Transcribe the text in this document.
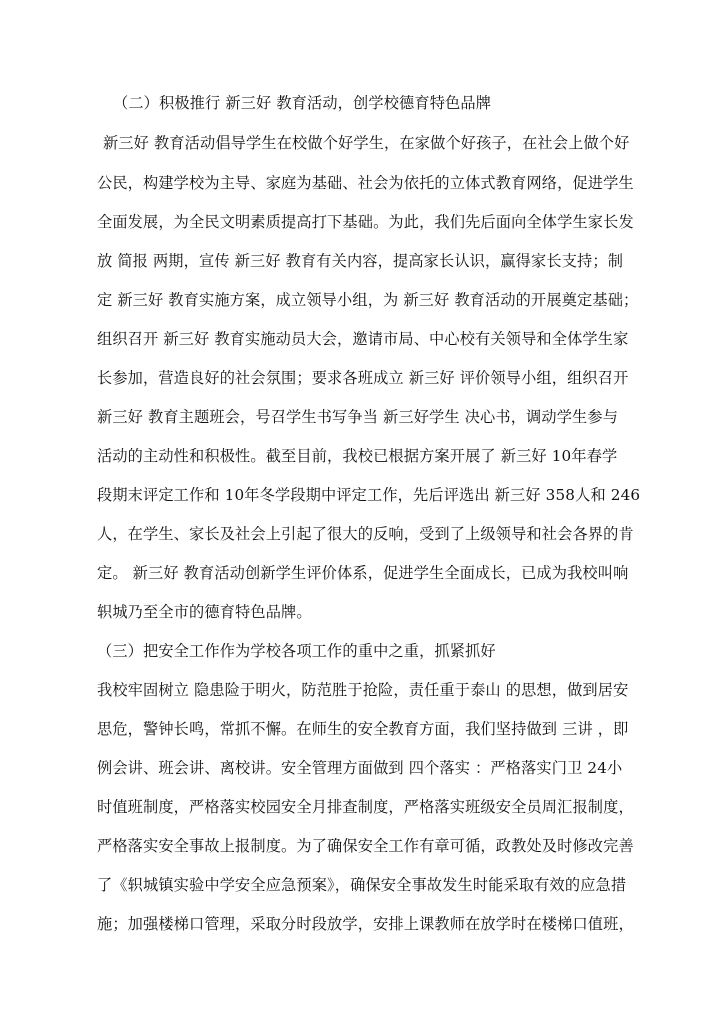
（二）积极推行 新三好 教育活动，创学校德育特色品牌
新三好 教育活动倡导学生在校做个好学生，在家做个好孩子，在社会上做个好
公民，构建学校为主导、家庭为基础、社会为依托的立体式教育网络，促进学生
全面发展，为全民文明素质提高打下基础。为此，我们先后面向全体学生家长发
放 简报 两期，宣传 新三好 教育有关内容，提高家长认识，赢得家长支持；制
定 新三好 教育实施方案，成立领导小组，为 新三好 教育活动的开展奠定基础；
组织召开 新三好 教育实施动员大会，邀请市局、中心校有关领导和全体学生家
长参加，营造良好的社会氛围；要求各班成立 新三好 评价领导小组，组织召开
新三好 教育主题班会，号召学生书写争当 新三好学生 决心书，调动学生参与
活动的主动性和积极性。截至目前，我校已根据方案开展了 新三好 10年春学
段期末评定工作和 10年冬学段期中评定工作，先后评选出 新三好 358人和 246
人，在学生、家长及社会上引起了很大的反响，受到了上级领导和社会各界的肯
定。 新三好 教育活动创新学生评价体系，促进学生全面成长，已成为我校叫响
轵城乃至全市的德育特色品牌。
（三）把安全工作作为学校各项工作的重中之重，抓紧抓好
我校牢固树立 隐患险于明火，防范胜于抢险，责任重于泰山 的思想，做到居安
思危，警钟长鸣，常抓不懈。在师生的安全教育方面，我们坚持做到 三讲 ，即
例会讲、班会讲、离校讲。安全管理方面做到 四个落实 ：严格落实门卫 24小
时值班制度，严格落实校园安全月排查制度，严格落实班级安全员周汇报制度，
严格落实安全事故上报制度。为了确保安全工作有章可循，政教处及时修改完善
了《轵城镇实验中学安全应急预案》，确保安全事故发生时能采取有效的应急措
施；加强楼梯口管理，采取分时段放学，安排上课教师在放学时在楼梯口值班，
